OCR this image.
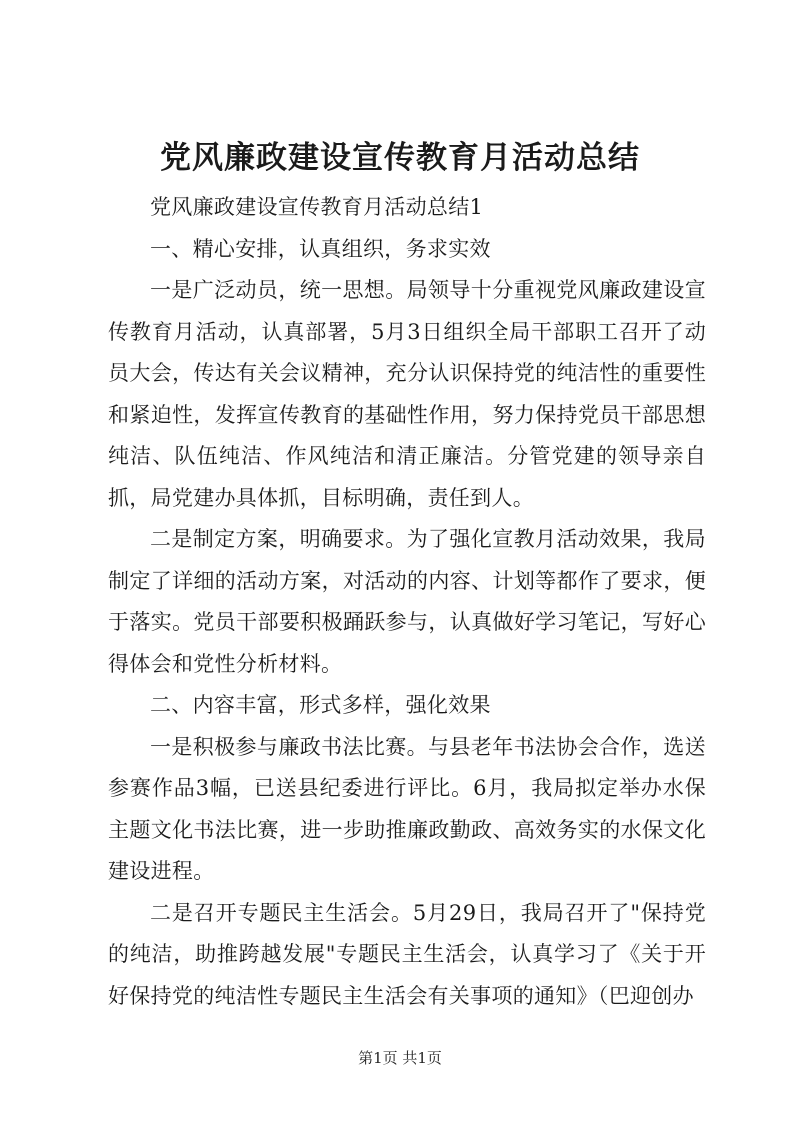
党风廉政建设宣传教育月活动总结

党风廉政建设宣传教育月活动总结1

一、精心安排，认真组织，务求实效

一是广泛动员，统一思想。局领导十分重视党风廉政建设宣传教育月活动，认真部署，5月3日组织全局干部职工召开了动员大会，传达有关会议精神，充分认识保持党的纯洁性的重要性和紧迫性，发挥宣传教育的基础性作用，努力保持党员干部思想纯洁、队伍纯洁、作风纯洁和清正廉洁。分管党建的领导亲自抓，局党建办具体抓，目标明确，责任到人。

二是制定方案，明确要求。为了强化宣教月活动效果，我局制定了详细的活动方案，对活动的内容、计划等都作了要求，便于落实。党员干部要积极踊跃参与，认真做好学习笔记，写好心得体会和党性分析材料。

二、内容丰富，形式多样，强化效果

一是积极参与廉政书法比赛。与县老年书法协会合作，选送参赛作品3幅，已送县纪委进行评比。6月，我局拟定举办水保主题文化书法比赛，进一步助推廉政勤政、高效务实的水保文化建设进程。

二是召开专题民主生活会。5月29日，我局召开了"保持党的纯洁，助推跨越发展"专题民主生活会，认真学习了《关于开好保持党的纯洁性专题民主生活会有关事项的通知》（巴迎创办

第1页 共1页
